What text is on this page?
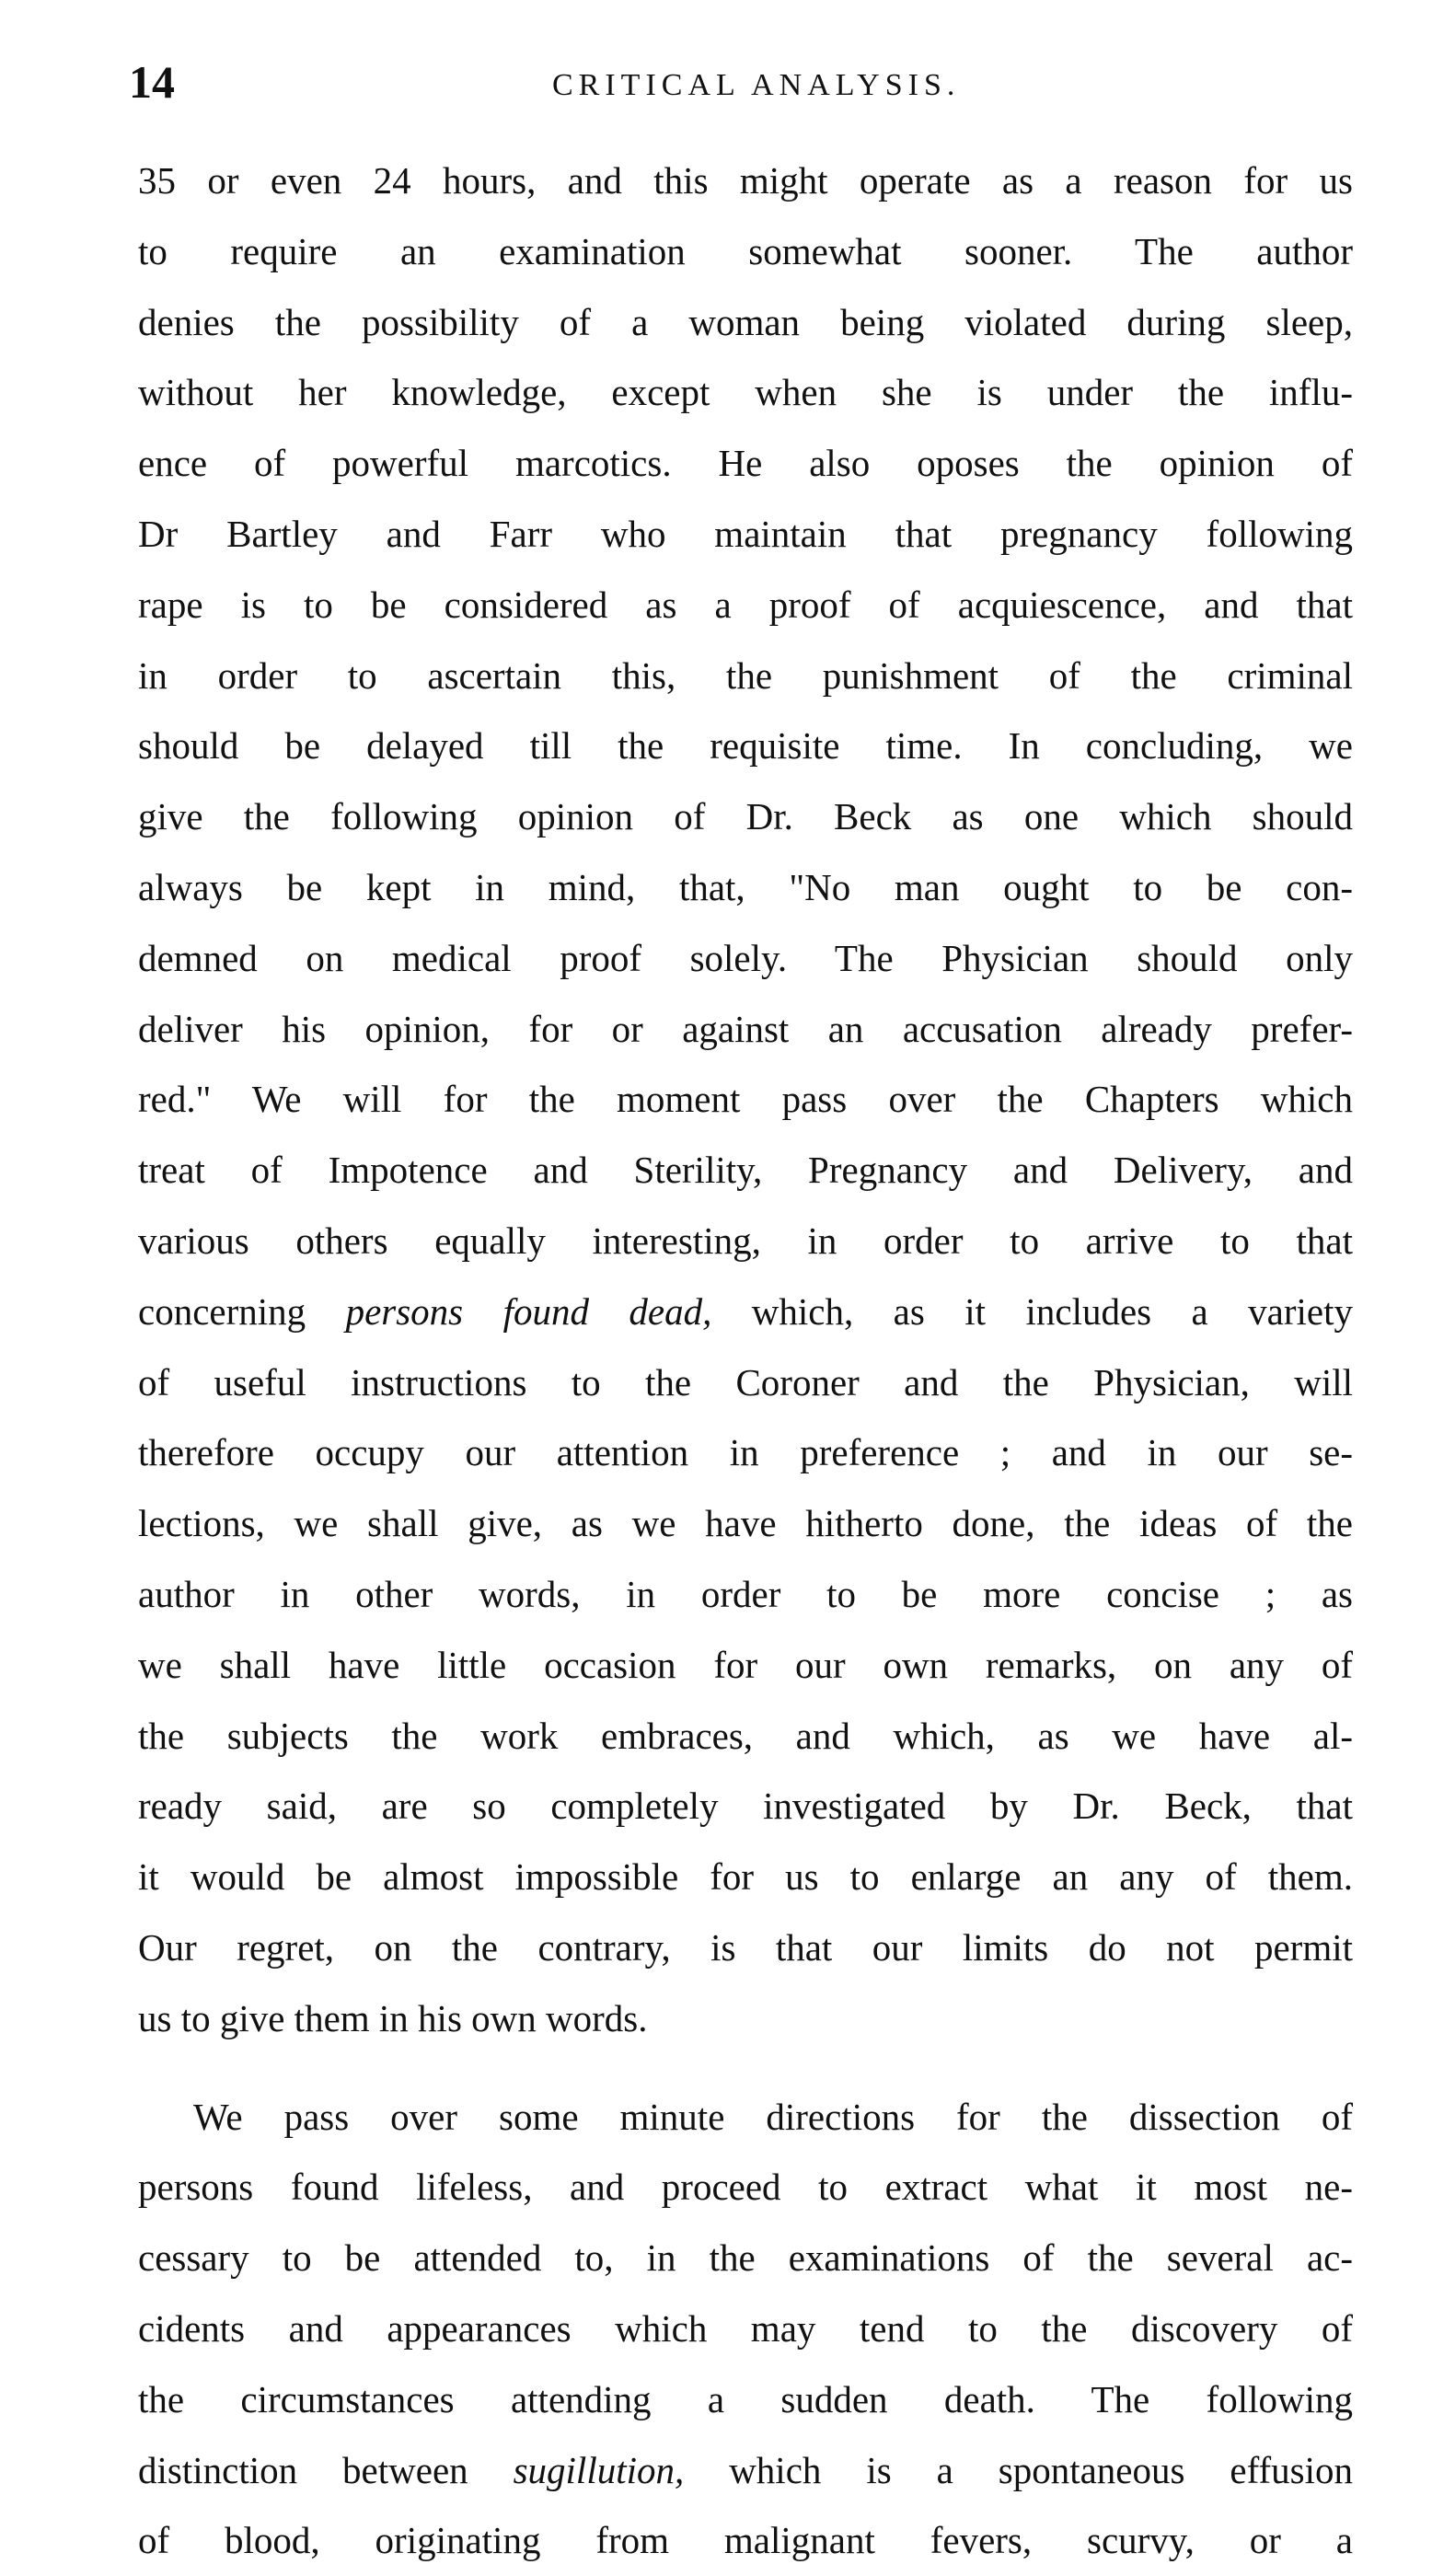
14	CRITICAL ANALYSIS.
35 or even 24 hours, and this might operate as a reason for us
to require an examination somewhat sooner. The author
denies the possibility of a woman being violated during sleep,
without her knowledge, except when she is under the influ-
ence of powerful marcotics. He also oposes the opinion of
Dr Bartley and Farr who maintain that pregnancy following
rape is to be considered as a proof of acquiescence, and that
in order to ascertain this, the punishment of the criminal
should be delayed till the requisite time. In concluding, we
give the following opinion of Dr. Beck as one which should
always be kept in mind, that, "No man ought to be con-
demned on medical proof solely. The Physician should only
deliver his opinion, for or against an accusation already prefer-
red." We will for the moment pass over the Chapters which
treat of Impotence and Sterility, Pregnancy and Delivery, and
various others equally interesting, in order to arrive to that
concerning persons found dead, which, as it includes a variety
of useful instructions to the Coroner and the Physician, will
therefore occupy our attention in preference ; and in our se-
lections, we shall give, as we have hitherto done, the ideas of the
author in other words, in order to be more concise ; as
we shall have little occasion for our own remarks, on any of
the subjects the work embraces, and which, as we have al-
ready said, are so completely investigated by Dr. Beck, that
it would be almost impossible for us to enlarge an any of them.
Our regret, on the contrary, is that our limits do not permit
us to give them in his own words.
We pass over some minute directions for the dissection of
persons found lifeless, and proceed to extract what it most ne-
cessary to be attended to, in the examinations of the several ac-
cidents and appearances which may tend to the discovery of
the circumstances attending a sudden death. The following
distinction between sugillution, which is a spontaneous effusion
of blood, originating from malignant fevers, scurvy, or a
